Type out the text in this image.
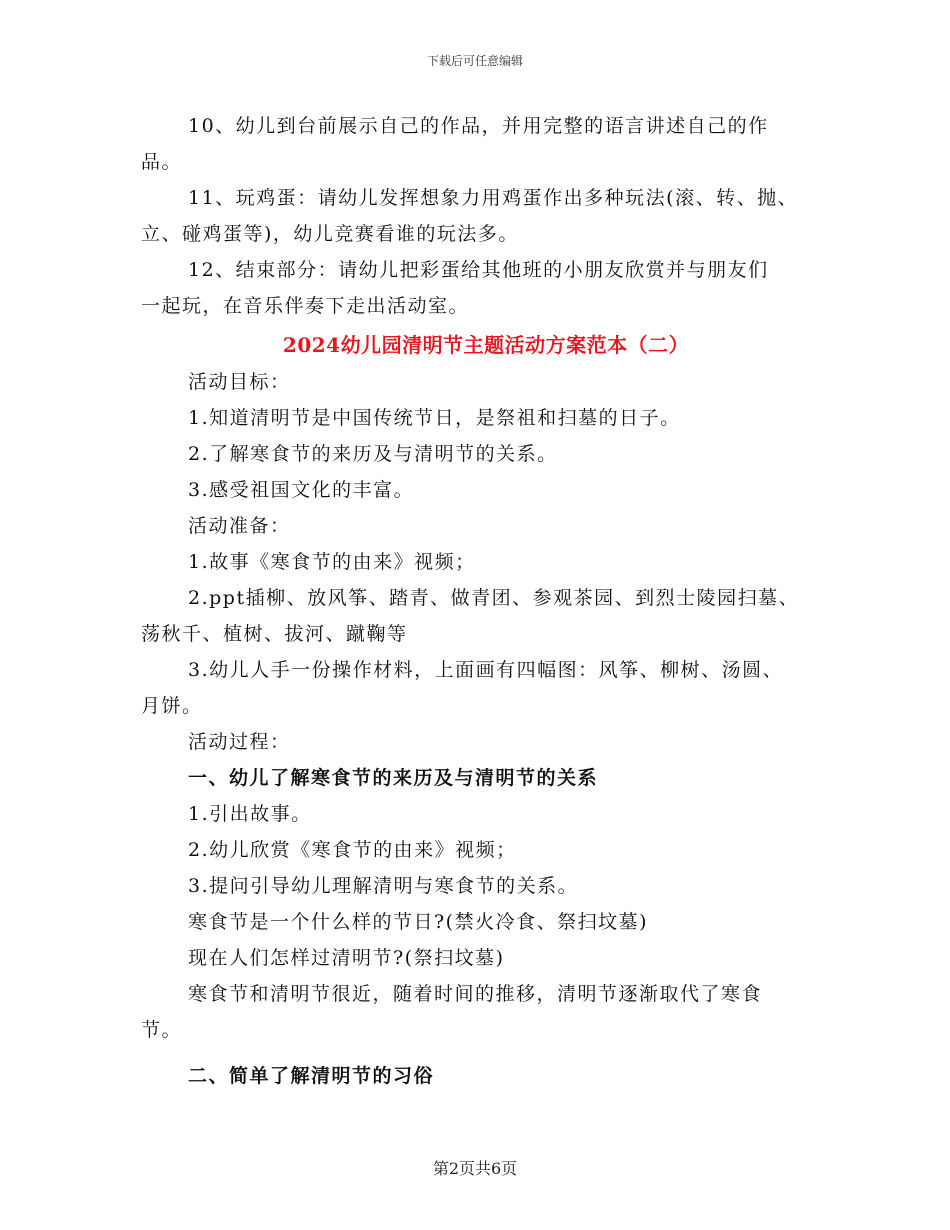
下载后可任意编辑

10、幼儿到台前展示自己的作品，并用完整的语言讲述自己的作

品。

11、玩鸡蛋：请幼儿发挥想象力用鸡蛋作出多种玩法(滚、转、抛、

立、碰鸡蛋等)，幼儿竞赛看谁的玩法多。

12、结束部分：请幼儿把彩蛋给其他班的小朋友欣赏并与朋友们

一起玩，在音乐伴奏下走出活动室。

2024幼儿园清明节主题活动方案范本（二）

活动目标：

1.知道清明节是中国传统节日，是祭祖和扫墓的日子。

2.了解寒食节的来历及与清明节的关系。

3.感受祖国文化的丰富。

活动准备：

1.故事《寒食节的由来》视频；

2.ppt插柳、放风筝、踏青、做青团、参观茶园、到烈士陵园扫墓、

荡秋千、植树、拔河、蹴鞠等

3.幼儿人手一份操作材料，上面画有四幅图：风筝、柳树、汤圆、

月饼。

活动过程：

一、幼儿了解寒食节的来历及与清明节的关系

1.引出故事。

2.幼儿欣赏《寒食节的由来》视频；

3.提问引导幼儿理解清明与寒食节的关系。

寒食节是一个什么样的节日?(禁火冷食、祭扫坟墓)

现在人们怎样过清明节?(祭扫坟墓)

寒食节和清明节很近，随着时间的推移，清明节逐渐取代了寒食

节。

二、简单了解清明节的习俗

第2页共6页
